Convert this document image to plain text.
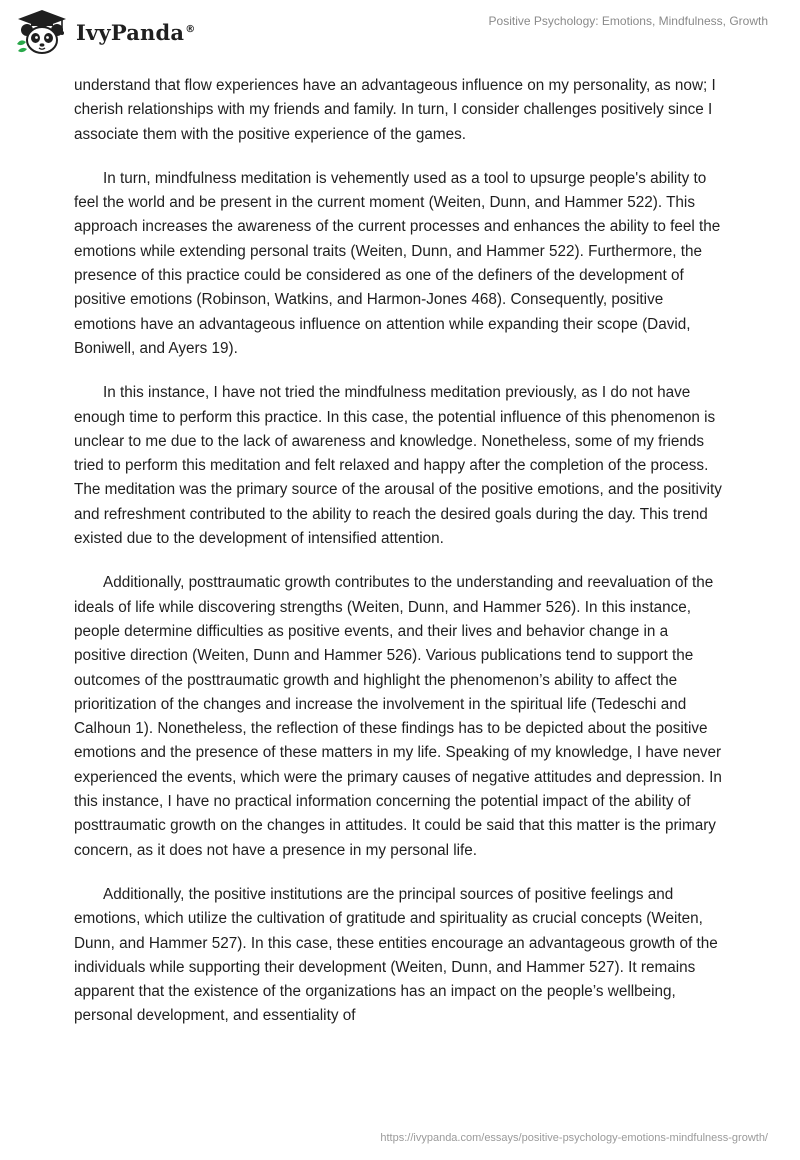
IvyPanda®
Positive Psychology: Emotions, Mindfulness, Growth

understand that flow experiences have an advantageous influence on my personality, as now; I cherish relationships with my friends and family. In turn, I consider challenges positively since I associate them with the positive experience of the games.

In turn, mindfulness meditation is vehemently used as a tool to upsurge people's ability to feel the world and be present in the current moment (Weiten, Dunn, and Hammer 522). This approach increases the awareness of the current processes and enhances the ability to feel the emotions while extending personal traits (Weiten, Dunn, and Hammer 522). Furthermore, the presence of this practice could be considered as one of the definers of the development of positive emotions (Robinson, Watkins, and Harmon-Jones 468). Consequently, positive emotions have an advantageous influence on attention while expanding their scope (David, Boniwell, and Ayers 19).

In this instance, I have not tried the mindfulness meditation previously, as I do not have enough time to perform this practice. In this case, the potential influence of this phenomenon is unclear to me due to the lack of awareness and knowledge. Nonetheless, some of my friends tried to perform this meditation and felt relaxed and happy after the completion of the process. The meditation was the primary source of the arousal of the positive emotions, and the positivity and refreshment contributed to the ability to reach the desired goals during the day. This trend existed due to the development of intensified attention.

Additionally, posttraumatic growth contributes to the understanding and reevaluation of the ideals of life while discovering strengths (Weiten, Dunn, and Hammer 526). In this instance, people determine difficulties as positive events, and their lives and behavior change in a positive direction (Weiten, Dunn and Hammer 526). Various publications tend to support the outcomes of the posttraumatic growth and highlight the phenomenon’s ability to affect the prioritization of the changes and increase the involvement in the spiritual life (Tedeschi and Calhoun 1). Nonetheless, the reflection of these findings has to be depicted about the positive emotions and the presence of these matters in my life. Speaking of my knowledge, I have never experienced the events, which were the primary causes of negative attitudes and depression. In this instance, I have no practical information concerning the potential impact of the ability of posttraumatic growth on the changes in attitudes. It could be said that this matter is the primary concern, as it does not have a presence in my personal life.

Additionally, the positive institutions are the principal sources of positive feelings and emotions, which utilize the cultivation of gratitude and spirituality as crucial concepts (Weiten, Dunn, and Hammer 527). In this case, these entities encourage an advantageous growth of the individuals while supporting their development (Weiten, Dunn, and Hammer 527). It remains apparent that the existence of the organizations has an impact on the people’s wellbeing, personal development, and essentiality of

https://ivypanda.com/essays/positive-psychology-emotions-mindfulness-growth/
